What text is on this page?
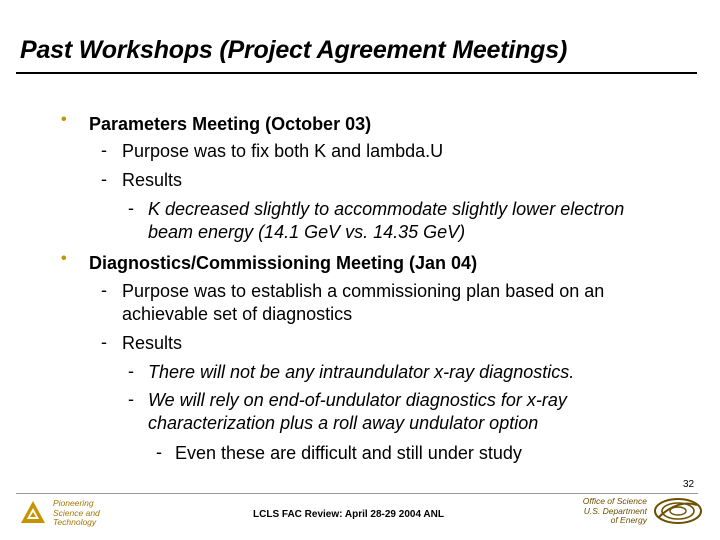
Past Workshops (Project Agreement Meetings)
• Parameters Meeting (October 03)
- Purpose was to fix both K and lambda.U
- Results
- K decreased slightly to accommodate slightly lower electron
beam energy (14.1 GeV vs. 14.35 GeV)
• Diagnostics/Commissioning Meeting (Jan 04)
- Purpose was to establish a commissioning plan based on an
achievable set of diagnostics
- Results
- There will not be any intraundulator x-ray diagnostics.
- We will rely on end-of-undulator diagnostics for x-ray
characterization plus a roll away undulator option
- Even these are difficult and still under study
32
Pioneering
Science and
Technology
LCLS FAC Review: April 28-29 2004 ANL
Office of Science
U.S. Department
of Energy
